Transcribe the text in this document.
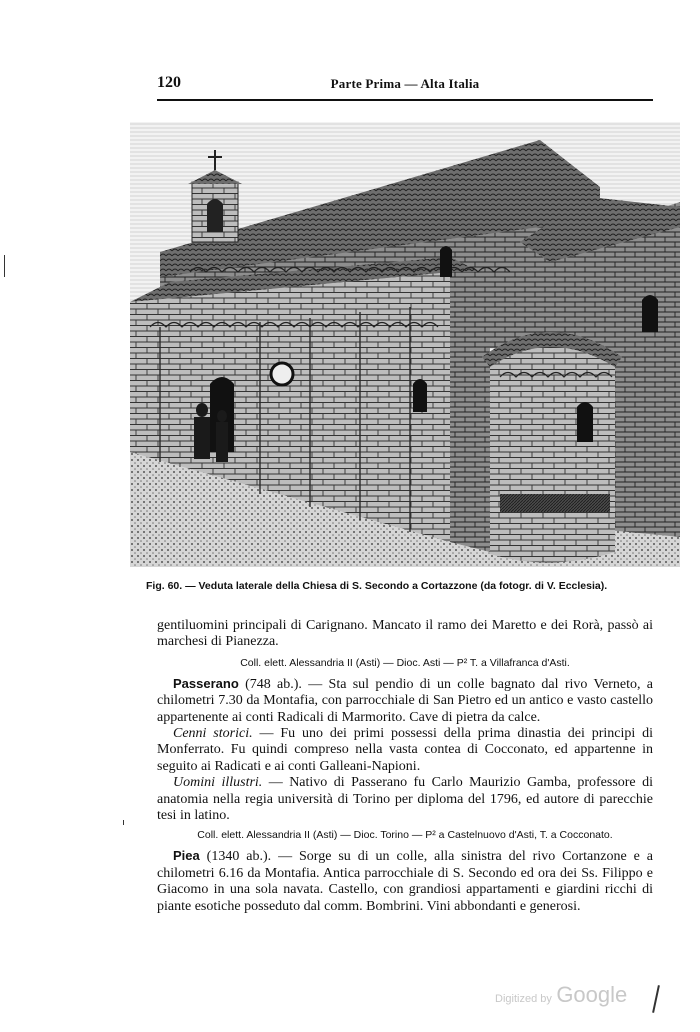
120	Parte Prima — Alta Italia
Fig. 60. — Veduta laterale della Chiesa di S. Secondo a Cortazzone (da fotogr. di V. Ecclesia).

gentiluomini principali di Carignano. Mancato il ramo dei Maretto e dei Rorà, passò ai marchesi di Pianezza.

Coll. elett. Alessandria II (Asti) — Dioc. Asti — P² T. a Villafranca d'Asti.

Passerano (748 ab.). — Sta sul pendio di un colle bagnato dal rivo Verneto, a chilometri 7.30 da Montafia, con parrocchiale di San Pietro ed un antico e vasto castello appartenente ai conti Radicali di Marmorito. Cave di pietra da calce.

Cenni storici. — Fu uno dei primi possessi della prima dinastia dei principi di Monferrato. Fu quindi compreso nella vasta contea di Cocconato, ed appartenne in seguito ai Radicati e ai conti Galleani-Napioni.

Uomini illustri. — Nativo di Passerano fu Carlo Maurizio Gamba, professore di anatomia nella regia università di Torino per diploma del 1796, ed autore di parecchie tesi in latino.

Coll. elett. Alessandria II (Asti) — Dioc. Torino — P² a Castelnuovo d'Asti, T. a Cocconato.

Piea (1340 ab.). — Sorge su di un colle, alla sinistra del rivo Cortanzone e a chilometri 6.16 da Montafia. Antica parrocchiale di S. Secondo ed ora dei Ss. Filippo e Giacomo in una sola navata. Castello, con grandiosi appartamenti e giardini ricchi di piante esotiche posseduto dal comm. Bombrini. Vini abbondanti e generosi.

Digitized by Google
